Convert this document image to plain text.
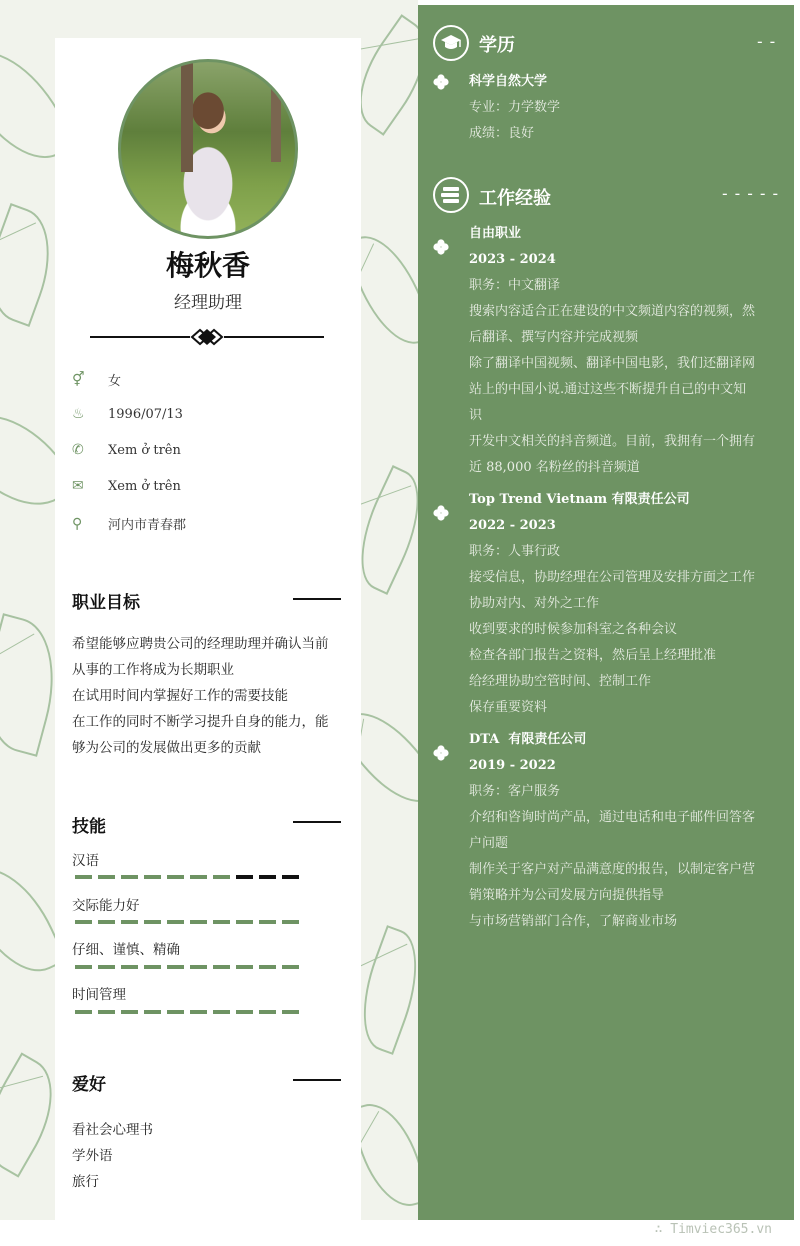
梅秋香
经理助理
⚥	女
♨	1996/07/13
✆	Xem ở trên
✉	Xem ở trên
⚲	河内市青春郡
职业目标
希望能够应聘贵公司的经理助理并确认当前
从事的工作将成为长期职业
在试用时间内掌握好工作的需要技能
在工作的同时不断学习提升自身的能力，能
够为公司的发展做出更多的贡献
技能
汉语
交际能力好
仔细、谨慎、精确
时间管理
爱好
看社会心理书
学外语
旅行
学历	--
科学自然大学
专业：力学数学
成绩：良好
工作经验	-----
自由职业
2023 - 2024
职务：中文翻译
搜索内容适合正在建设的中文频道内容的视频，然
后翻译、撰写内容并完成视频
除了翻译中国视频、翻译中国电影，我们还翻译网
站上的中国小说.通过这些不断提升自己的中文知
识
开发中文相关的抖音频道。目前，我拥有一个拥有
近 88,000 名粉丝的抖音频道
Top Trend Vietnam 有限责任公司
2022 - 2023
职务：人事行政
接受信息，协助经理在公司管理及安排方面之工作
协助对内、对外之工作
收到要求的时候参加科室之各种会议
检查各部门报告之资料，然后呈上经理批准
给经理协助空管时间、控制工作
保存重要资料
DTA  有限责任公司
2019 - 2022
职务：客户服务
介绍和咨询时尚产品，通过电话和电子邮件回答客
户问题
制作关于客户对产品满意度的报告，以制定客户营
销策略并为公司发展方向提供指导
与市场营销部门合作，了解商业市场
∴ Timviec365.vn
